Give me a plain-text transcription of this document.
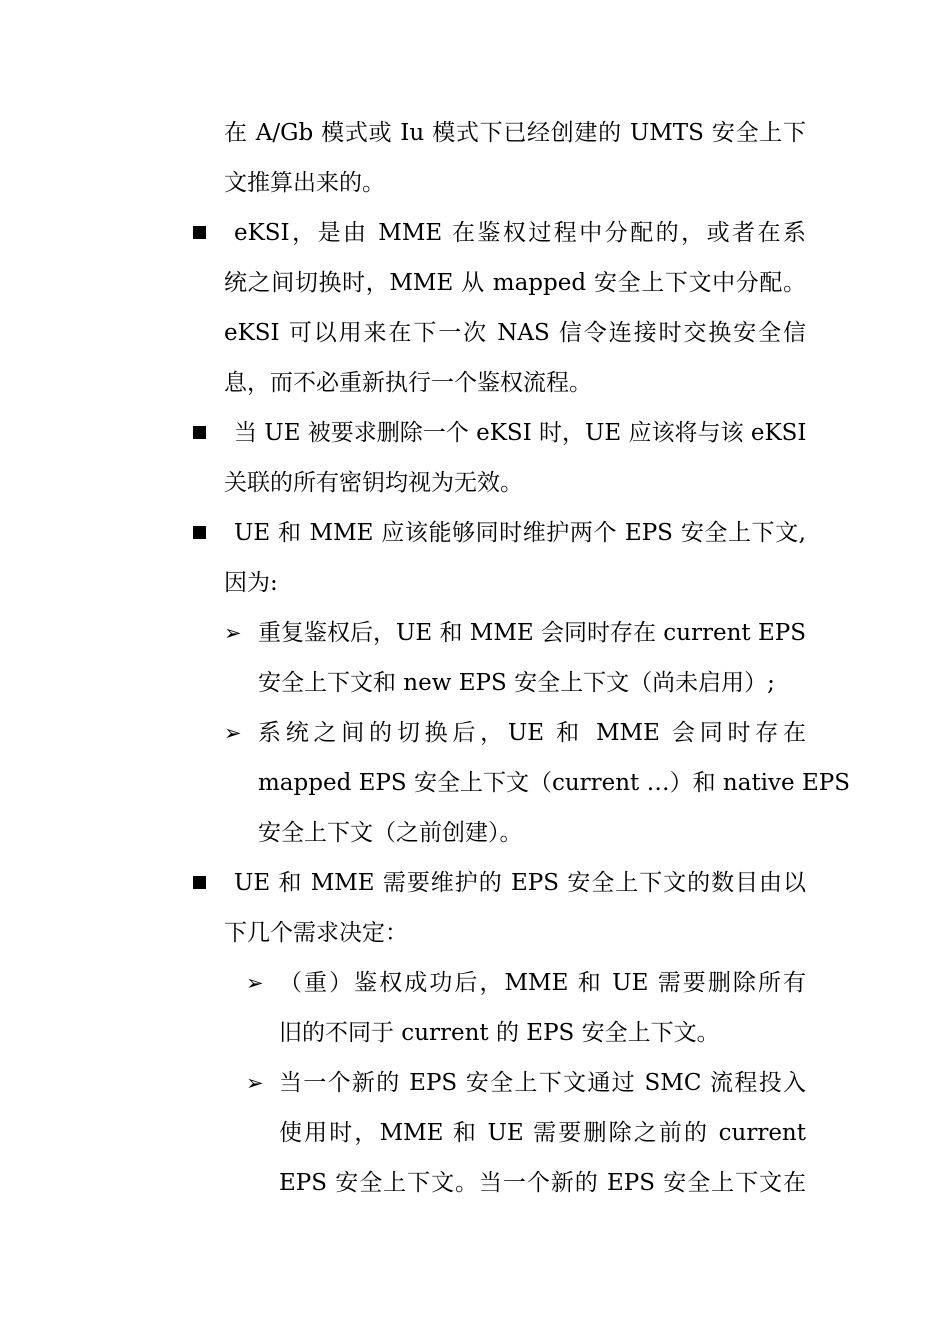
在 A/Gb 模式或 Iu 模式下已经创建的 UMTS 安全上下
文推算出来的。
eKSI，是由 MME 在鉴权过程中分配的，或者在系
统之间切换时，MME 从 mapped 安全上下文中分配。
eKSI 可以用来在下一次 NAS 信令连接时交换安全信
息，而不必重新执行一个鉴权流程。
当 UE 被要求删除一个 eKSI 时，UE 应该将与该 eKSI
关联的所有密钥均视为无效。
UE 和 MME 应该能够同时维护两个 EPS 安全上下文,
因为:
➢ 重复鉴权后，UE 和 MME 会同时存在 current EPS
安全上下文和 new EPS 安全上下文（尚未启用）;
➢ 系统之间的切换后，UE 和 MME 会同时存在
mapped EPS 安全上下文（current …）和 native EPS
安全上下文（之前创建）。
UE 和 MME 需要维护的 EPS 安全上下文的数目由以
下几个需求决定：
➢ （重）鉴权成功后，MME 和 UE 需要删除所有
旧的不同于 current 的 EPS 安全上下文。
➢ 当一个新的 EPS 安全上下文通过 SMC 流程投入
使用时，MME 和 UE 需要删除之前的 current
EPS 安全上下文。当一个新的 EPS 安全上下文在
